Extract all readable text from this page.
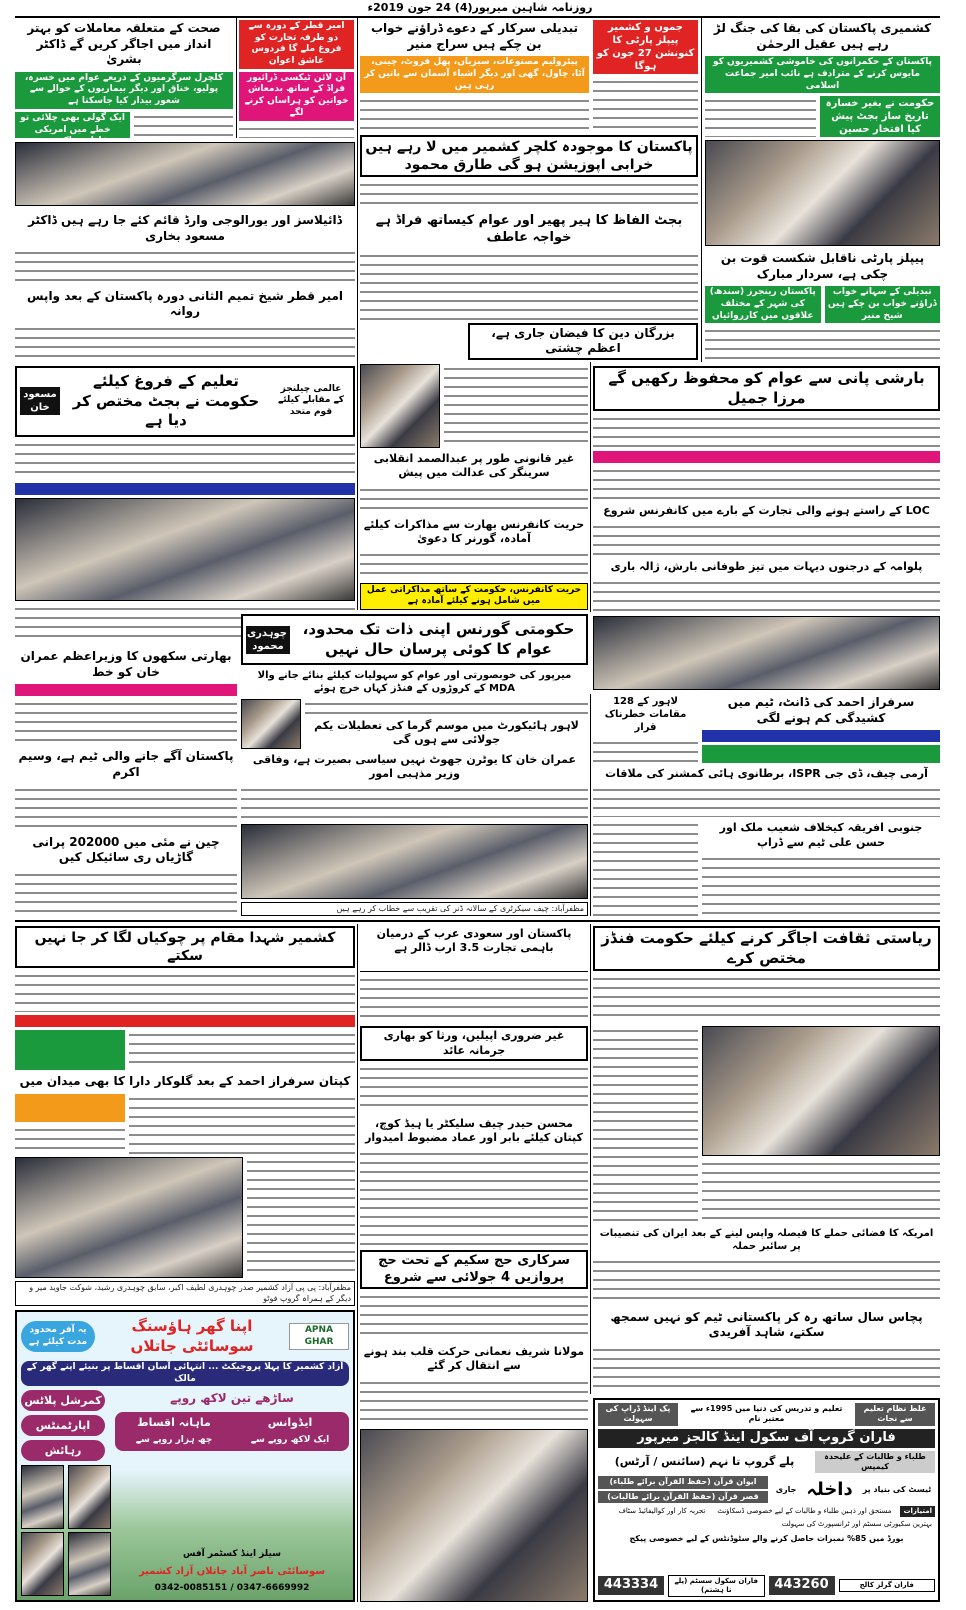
روزنامہ شاہین میرپور(4) 24 جون 2019ء
کشمیری پاکستان کی بقا کی جنگ لڑ رہے ہیں عقیل الرحمٰن
پاکستان کے حکمرانوں کی خاموشی کشمیریوں کو مایوس کرنے کے مترادف ہے نائب امیر جماعت اسلامی
حکومت نے بغیر خسارہ تاریخ ساز بجٹ پیش کیا افتخار حسین
جموں و کشمیر پیپلز پارٹی کا کنونشن 27 جون کو ہوگا
تبدیلی سرکار کے دعوے ڈراؤنے خواب بن چکے ہیں سراج منیر
پیٹرولیم مصنوعات، سبزیاں، پھل فروٹ، چینی، آٹا، چاول، گھی اور دیگر اشیاء آسمان سے باتیں کر رہی ہیں
پاکستان کا موجودہ کلچر کشمیر میں لا رہے ہیں خرابی اپوزیشن ہو گی طارق محمود
امیر قطر کے دورہ سے دو طرفہ تجارت کو فروغ ملے گا فردوس عاشق اعوان
آن لائن ٹیکسی ڈرائیور فراڈ کے ساتھ بدمعاش خواتین کو ہراساں کرنے لگے
صحت کے متعلقہ معاملات کو بہتر انداز میں اجاگر کریں گے ڈاکٹر بشریٰ
کلچرل سرگرمیوں کے ذریعے عوام میں خسرہ، پولیو، خناق اور دیگر بیماریوں کے حوالے سے شعور بیدار کیا جاسکتا ہے
ایک گولی بھی چلائی تو خطے میں امریکی
ڈائیلاسز اور یورالوجی وارڈ قائم کئے جا رہے ہیں ڈاکٹر مسعود بخاری
امیر قطر شیخ تمیم الثانی دورہ پاکستان کے بعد واپس روانہ
بجٹ الفاظ کا ہیر پھیر اور عوام کیساتھ فراڈ ہے خواجہ عاطف
بزرگان دین کا فیضان جاری ہے، اعظم چشتی
پیپلز پارٹی ناقابل شکست قوت بن چکی ہے، سردار مبارک
تبدیلی کے سہانے خواب ڈراؤنے خواب بن چکے ہیں شیخ منیر
پاکستان رینجرز (سندھ) کی شہر کے مختلف علاقوں میں کارروائیاں
عالمی چیلنجز کے مقابلے کیلئے قوم متحد
تعلیم کے فروغ کیلئے حکومت نے بجٹ مختص کر دیا ہے
مسعود خان
غیر قانونی طور پر عبدالصمد انقلابی سرینگر کی عدالت میں پیش
حریت کانفرنس بھارت سے مذاکرات کیلئے آمادہ، گورنر کا دعویٰ
حریت کانفرنس، حکومت کے ساتھ مذاکراتی عمل میں شامل ہونے کیلئے آمادہ ہے
بارشی پانی سے عوام کو محفوظ رکھیں گے مرزا جمیل
LOC کے راستے ہونے والی تجارت کے بارے میں کانفرنس شروع
پلوامہ کے درجنوں دیہات میں تیز طوفانی بارش، ژالہ باری
بھارتی سکھوں کا وزیراعظم عمران خان کو خط
پاکستان آگے جانے والی ٹیم ہے، وسیم اکرم
چین نے مئی میں 202000 پرانی گاڑیاں ری سائیکل کیں
حکومتی گورنس اپنی ذات تک محدود، عوام کا کوئی پرسان حال نہیں
چوہدری محمود
میرپور کی خوبصورتی اور عوام کو سہولیات کیلئے بنائے جانے والا MDA کے کروڑوں کے فنڈز کہاں خرچ ہوئے
لاہور ہائیکورٹ میں موسم گرما کی تعطیلات یکم جولائی سے ہوں گی
عمران خان کا یوٹرن جھوٹ نہیں سیاسی بصیرت ہے، وفاقی وزیر مذہبی امور
مظفرآباد: چیف سیکرٹری کے سالانہ ڈنر کی تقریب سے خطاب کر رہے ہیں
سرفراز احمد کی ڈانٹ، ٹیم میں کشیدگی کم ہونے لگی
لاہور کے 128 مقامات خطرناک قرار
آرمی چیف، ڈی جی ISPR، برطانوی ہائی کمشنر کی ملاقات
جنوبی افریقہ کیخلاف شعیب ملک اور حسن علی ٹیم سے ڈراپ
کشمیر شہدا مقام پر چوکیاں لگا کر جا نہیں سکتے
کپتان سرفراز احمد کے بعد گلوکار دارا کا بھی میدان میں
مظفرآباد: پی پی آزاد کشمیر صدر چوہدری لطیف اکبر، سابق چوہدری رشید، شوکت جاوید میر و دیگر کے ہمراہ گروپ فوٹو
پاکستان اور سعودی عرب کے درمیان باہمی تجارت 3.5 ارب ڈالر ہے
غیر ضروری اپیلیں، ورثا کو بھاری جرمانہ عائد
محسن حیدر چیف سلیکٹر یا ہیڈ کوچ، کپتان کیلئے بابر اور عماد مضبوط امیدوار
سرکاری حج سکیم کے تحت حج پروازیں 4 جولائی سے شروع
مولانا شریف نعمانی حرکت قلب بند ہونے سے انتقال کر گئے
ریاستی ثقافت اجاگر کرنے کیلئے حکومت فنڈز مختص کرے
امریکہ کا فضائی حملے کا فیصلہ واپس لینے کے بعد ایران کی تنصیبات پر سائبر حملہ
پچاس سال ساتھ رہ کر پاکستانی ٹیم کو نہیں سمجھ سکتے، شاہد آفریدی
APNA GHAR
اپنا گھر ہاؤسنگ سوسائٹی جاتلاں
یہ آفر محدود مدت کیلئے ہے
آزاد کشمیر کا پہلا پروجیکٹ ... انتہائی آسان اقساط پر بنیئے اپنے گھر کے مالک
ساڑھے تین لاکھ روپے
ایڈوانس
ایک لاکھ روپے سے
ماہانہ اقساط
چھ ہزار روپے سے
کمرشل پلاٹس
اپارٹمنٹس
رہائش
سیلز اینڈ کسٹمر آفس
سوسائٹی ناصر آباد جاتلاں آزاد کشمیر
0342-0085151 / 0347-6669992
غلط نظام تعلیم سے نجات
تعلیم و تدریس کی دنیا میں 1995ء سے معتبر نام
پک اینڈ ڈراپ کی سہولت
فاران گروپ آف سکول اینڈ کالجز میرپور
طلباء و طالبات کے علیحدہ کیمپس
پلے گروپ تا نہم (سائنس / آرٹس)
ٹیسٹ کی بنیاد پر
داخلہ
جاری
ایوان قرآن (حفظ القرآن برائے طلباء)
قصر قرآن (حفظ القرآن برائے طالبات)
امتیازات
مستحق اور ذہین طلباء و طالبات کے لیے خصوصی ڈسکاؤنٹ
تجربہ کار اور کوالیفائیڈ سٹاف
بہترین سکیورٹی سسٹم اور ٹرانسپورٹ کی سہولت
بورڈ میں 85% نمبرات حاصل کرنے والے سٹوڈنٹس کے لیے خصوصی پیکج
فاران گرلز کالج
443260
فاران سکول سسٹم (پلے تا ہشتم)
443334
